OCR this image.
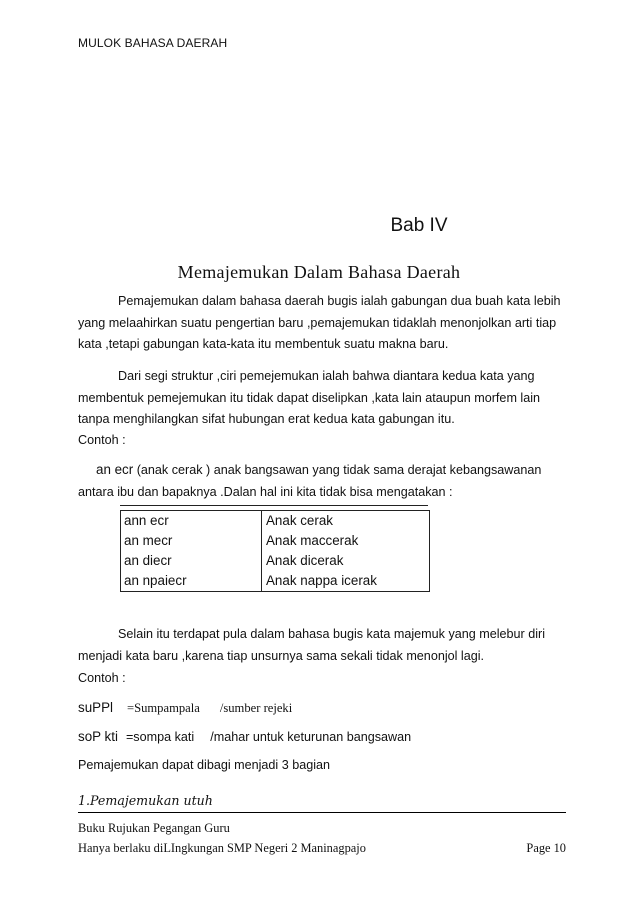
MULOK BAHASA DAERAH
Bab IV
Memajemukan Dalam Bahasa Daerah
Pemajemukan dalam bahasa daerah bugis ialah gabungan dua buah kata lebih yang melaahirkan suatu pengertian baru ,pemajemukan tidaklah menonjolkan arti tiap kata ,tetapi gabungan kata-kata itu membentuk suatu makna baru.
Dari segi struktur ,ciri pemejemukan ialah bahwa diantara kedua kata yang membentuk pemejemukan itu tidak dapat diselipkan ,kata lain ataupun morfem lain tanpa menghilangkan sifat hubungan erat kedua kata gabungan itu.
Contoh :
an ecr (anak cerak ) anak bangsawan yang tidak sama derajat kebangsawanan antara ibu dan bapaknya .Dalan hal ini kita tidak bisa mengatakan :
ann ecr	Anak cerak
an mecr	Anak maccerak
an diecr	Anak dicerak
an npaiecr	Anak nappa icerak
Selain itu terdapat pula dalam bahasa bugis kata majemuk yang melebur diri menjadi kata baru ,karena tiap unsurnya sama sekali tidak menonjol lagi.
Contoh :
suPPl =Sumpampala /sumber rejeki
soP kti =sompa kati /mahar untuk keturunan bangsawan
Pemajemukan dapat dibagi menjadi 3 bagian
1.Pemajemukan utuh
Buku Rujukan Pegangan Guru
Hanya berlaku diLIngkungan SMP Negeri 2 Maninagpajo	Page 10
